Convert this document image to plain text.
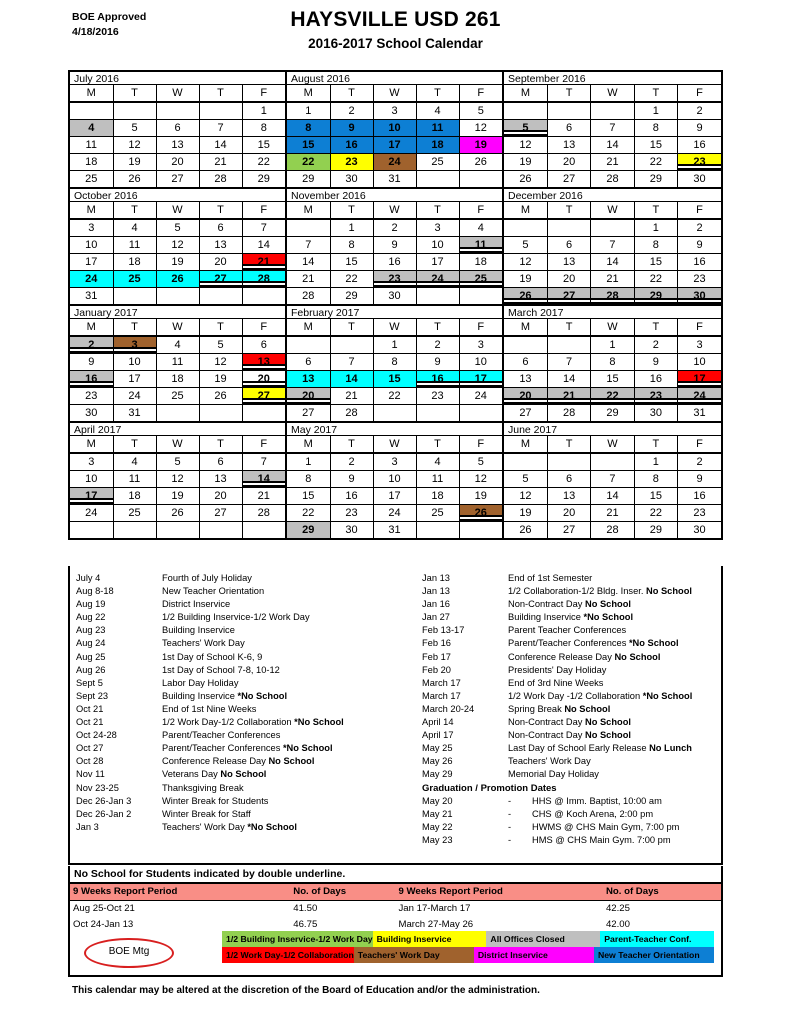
BOE Approved
4/18/2016
HAYSVILLE USD 261
2016-2017 School Calendar
July 2016
M	T	W	T	F

				1

4	5	6	7	8

11	12	13	14	15

18	19	20	21	22

25	26	27	28	29
August 2016
M	T	W	T	F

1	2	3	4	5

8	9	10	11	12

15	16	17	18	19

22	23	24	25	26

29	30	31		

September 2016
M	T	W	T	F

			1	2

5	6	7	8	9

12	13	14	15	16

19	20	21	22	23

26	27	28	29	30
October 2016
M	T	W	T	F

3	4	5	6	7

10	11	12	13	14

17	18	19	20	21

24	25	26	27	28

31				

November 2016
M	T	W	T	F

	1	2	3	4

7	8	9	10	11

14	15	16	17	18

21	22	23	24	25

28	29	30		

December 2016
M	T	W	T	F

			1	2

5	6	7	8	9

12	13	14	15	16

19	20	21	22	23

26	27	28	29	30
January 2017
M	T	W	T	F

2	3	4	5	6

9	10	11	12	13

16	17	18	19	20

23	24	25	26	27

30	31			

February 2017
M	T	W	T	F

		1	2	3

6	7	8	9	10

13	14	15	16	17

20	21	22	23	24

27	28			

March 2017
M	T	W	T	F

		1	2	3

6	7	8	9	10

13	14	15	16	17

20	21	22	23	24

27	28	29	30	31
April 2017
M	T	W	T	F

3	4	5	6	7

10	11	12	13	14

17	18	19	20	21

24	25	26	27	28

May 2017
M	T	W	T	F

1	2	3	4	5

8	9	10	11	12

15	16	17	18	19

22	23	24	25	26

29	30	31		

June 2017
M	T	W	T	F

			1	2

5	6	7	8	9

12	13	14	15	16

19	20	21	22	23

26	27	28	29	30
July 4	Fourth of July Holiday
Aug 8-18	New Teacher Orientation
Aug 19	District Inservice
Aug 22	1/2 Building Inservice-1/2 Work Day
Aug 23	Building Inservice
Aug 24	Teachers' Work Day
Aug 25	1st Day of School K-6, 9
Aug 26	1st Day of School 7-8, 10-12
Sept 5	Labor Day Holiday
Sept 23	Building Inservice *No School
Oct 21	End of 1st Nine Weeks
Oct 21	1/2 Work Day-1/2 Collaboration *No School
Oct 24-28	Parent/Teacher Conferences
Oct 27	Parent/Teacher Conferences *No School
Oct 28	Conference Release Day No School
Nov 11	Veterans Day No School
Nov 23-25	Thanksgiving Break
Dec 26-Jan 3	Winter Break for Students
Dec 26-Jan 2	Winter Break for Staff
Jan 3	Teachers' Work Day *No School
Jan 13	End of 1st Semester
Jan 13	1/2 Collaboration-1/2 Bldg. Inser. No School
Jan 16	Non-Contract Day No School
Jan 27	Building Inservice *No School
Feb 13-17	Parent Teacher Conferences
Feb 16	Parent/Teacher Conferences *No School
Feb 17	Conference Release Day No School
Feb 20	Presidents' Day Holiday
March 17	End of 3rd Nine Weeks
March 17	1/2 Work Day -1/2 Collaboration *No School
March 20-24	Spring Break No School
April 14	Non-Contract Day No School
April 17	Non-Contract Day No School
May 25	Last Day of School Early Release No Lunch
May 26	Teachers' Work Day
May 29	Memorial Day Holiday
Graduation / Promotion Dates
May 20	-	HHS @ Imm. Baptist, 10:00 am
May 21	-	CHS @ Koch Arena, 2:00 pm
May 22	-	HWMS @ CHS Main Gym, 7:00 pm
May 23	-	HMS @ CHS Main Gym. 7:00 pm
No School for Students indicated by double underline.
9 Weeks Report Period	No. of Days	9 Weeks Report Period	No. of Days
Aug 25-Oct 21	41.50	Jan 17-March 17	42.25
Oct 24-Jan 13	46.75	March 27-May 26	42.00
BOE Mtg
1/2 Building Inservice-1/2 Work Day Building Inservice	All Offices Closed	Parent-Teacher Conf.
1/2 Work Day-1/2 Collaboration Teachers' Work Day	District Inservice	New Teacher Orientation
This calendar may be altered at the discretion of the Board of Education and/or the administration.
